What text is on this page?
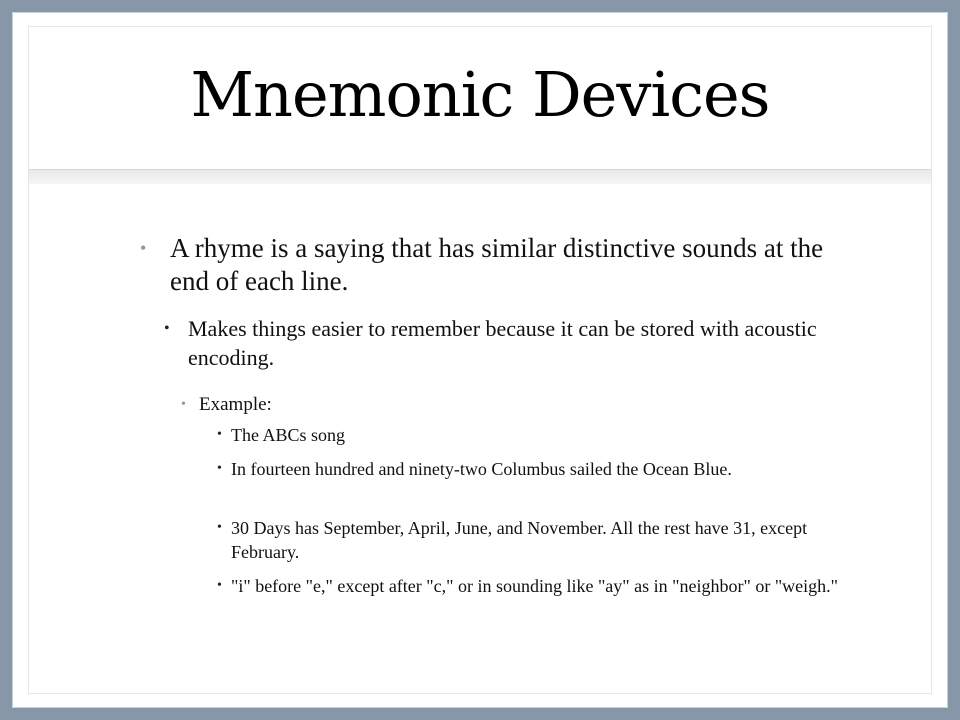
Mnemonic Devices
• A rhyme is a saying that has similar distinctive sounds at the end of each line.
• Makes things easier to remember because it can be stored with acoustic encoding.
• Example:
• The ABCs song
• In fourteen hundred and ninety-two Columbus sailed the Ocean Blue.
• 30 Days has September, April, June, and November. All the rest have 31, except February.
• "i" before "e," except after "c," or in sounding like "ay" as in "neighbor" or "weigh."
